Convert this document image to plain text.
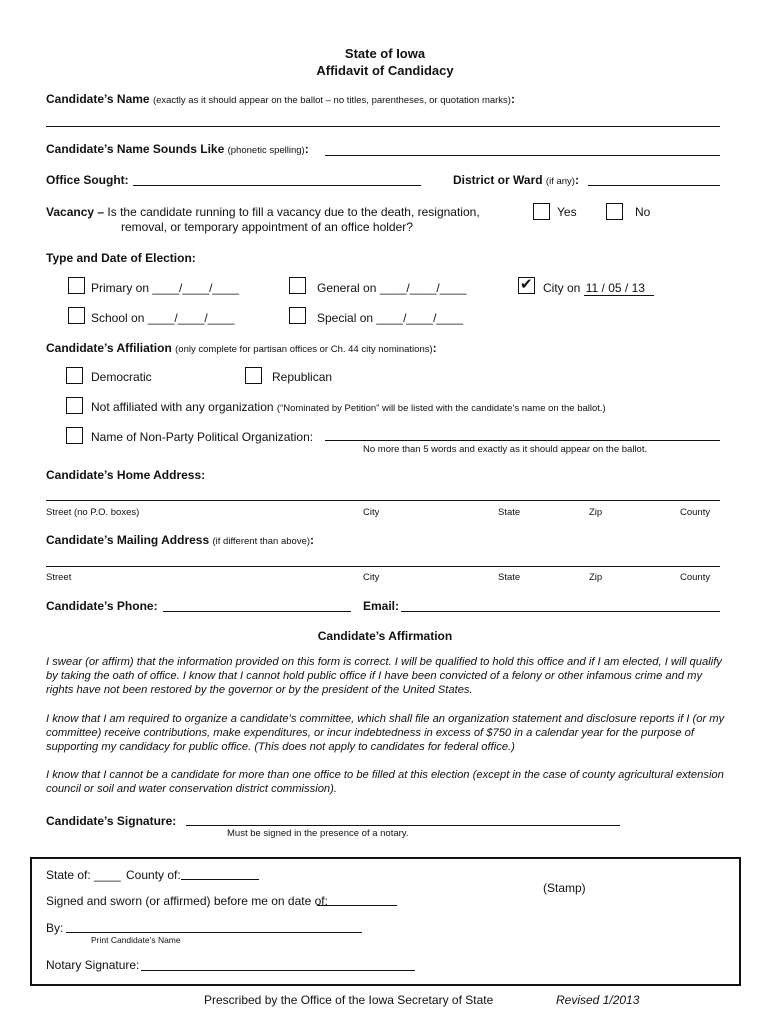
State of Iowa
Affidavit of Candidacy
Candidate’s Name (exactly as it should appear on the ballot – no titles, parentheses, or quotation marks):
Candidate’s Name Sounds Like (phonetic spelling):
Office Sought:	District or Ward (if any):
Vacancy – Is the candidate running to fill a vacancy due to the death, resignation,
removal, or temporary appointment of an office holder?
Yes	No
Type and Date of Election:
Primary on ____/____/____	General on ____/____/____	✔ City on 11 / 05 / 13
School on ____/____/____	Special on ____/____/____
Candidate’s Affiliation (only complete for partisan offices or Ch. 44 city nominations):
Democratic	Republican
Not affiliated with any organization (“Nominated by Petition” will be listed with the candidate’s name on the ballot.)
Name of Non-Party Political Organization:
No more than 5 words and exactly as it should appear on the ballot.
Candidate’s Home Address:
Street (no P.O. boxes)	City	State	Zip	County
Candidate’s Mailing Address (if different than above):
Street	City	State	Zip	County
Candidate’s Phone:	Email:
Candidate’s Affirmation
I swear (or affirm) that the information provided on this form is correct. I will be qualified to hold this office and if I am elected, I will qualify by taking the oath of office. I know that I cannot hold public office if I have been convicted of a felony or other infamous crime and my rights have not been restored by the governor or by the president of the United States.
I know that I am required to organize a candidate’s committee, which shall file an organization statement and disclosure reports if I (or my committee) receive contributions, make expenditures, or incur indebtedness in excess of $750 in a calendar year for the purpose of supporting my candidacy for public office. (This does not apply to candidates for federal office.)
I know that I cannot be a candidate for more than one office to be filled at this election (except in the case of county agricultural extension council or soil and water conservation district commission).
Candidate’s Signature:
Must be signed in the presence of a notary.
State of: ____ County of:
(Stamp)
Signed and sworn (or affirmed) before me on date of:
By:
Print Candidate’s Name
Notary Signature:
Prescribed by the Office of the Iowa Secretary of State	Revised 1/2013
